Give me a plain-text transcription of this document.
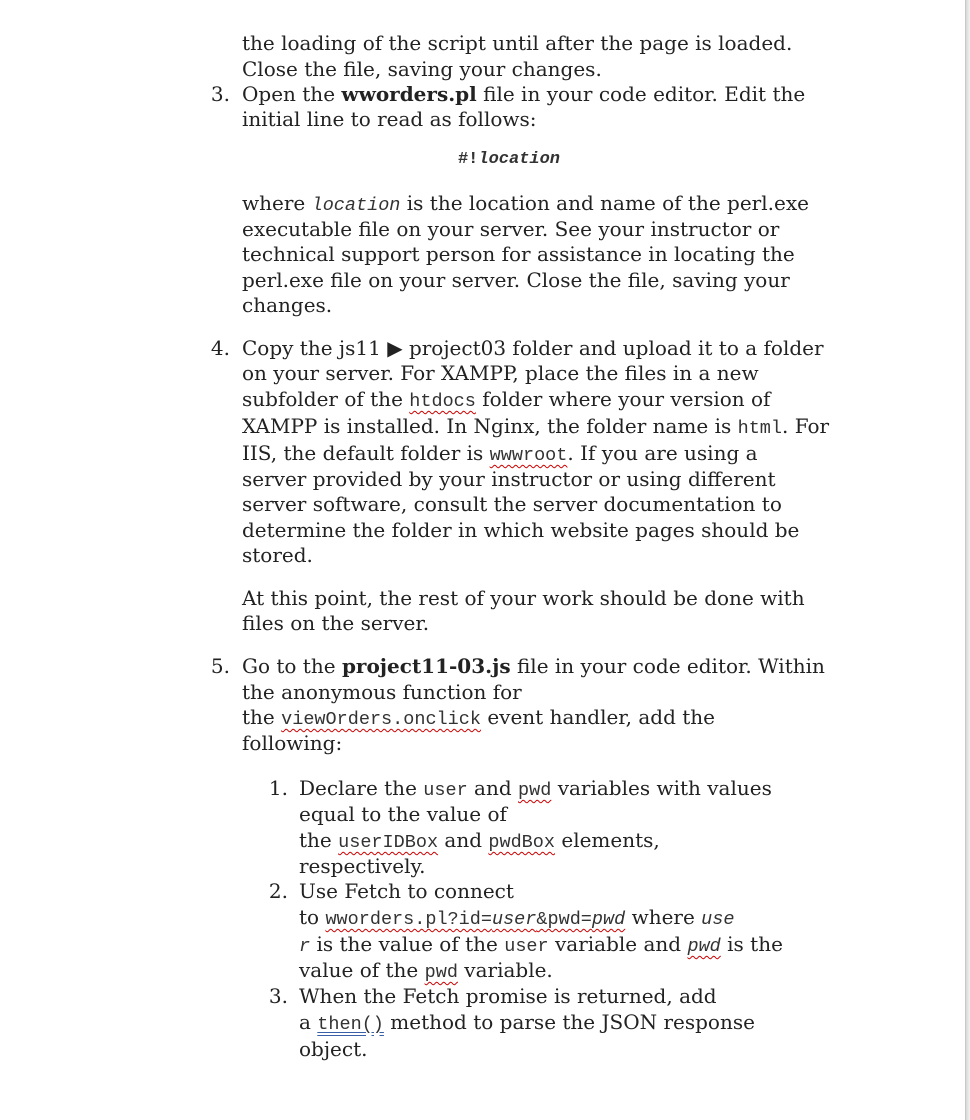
the loading of the script until after the page is loaded.
Close the file, saving your changes.
3. Open the wworders.pl file in your code editor. Edit the
initial line to read as follows:
#!location
where location is the location and name of the perl.exe
executable file on your server. See your instructor or
technical support person for assistance in locating the
perl.exe file on your server. Close the file, saving your
changes.
4. Copy the js11 ▶ project03 folder and upload it to a folder
on your server. For XAMPP, place the files in a new
subfolder of the htdocs folder where your version of
XAMPP is installed. In Nginx, the folder name is html. For
IIS, the default folder is wwwroot. If you are using a
server provided by your instructor or using different
server software, consult the server documentation to
determine the folder in which website pages should be
stored.
At this point, the rest of your work should be done with
files on the server.
5. Go to the project11-03.js file in your code editor. Within
the anonymous function for
the viewOrders.onclick event handler, add the
following:
1. Declare the user and pwd variables with values
equal to the value of
the userIDBox and pwdBox elements,
respectively.
2. Use Fetch to connect
to wworders.pl?id=user&pwd=pwd where use
r is the value of the user variable and pwd is the
value of the pwd variable.
3. When the Fetch promise is returned, add
a then() method to parse the JSON response
object.
